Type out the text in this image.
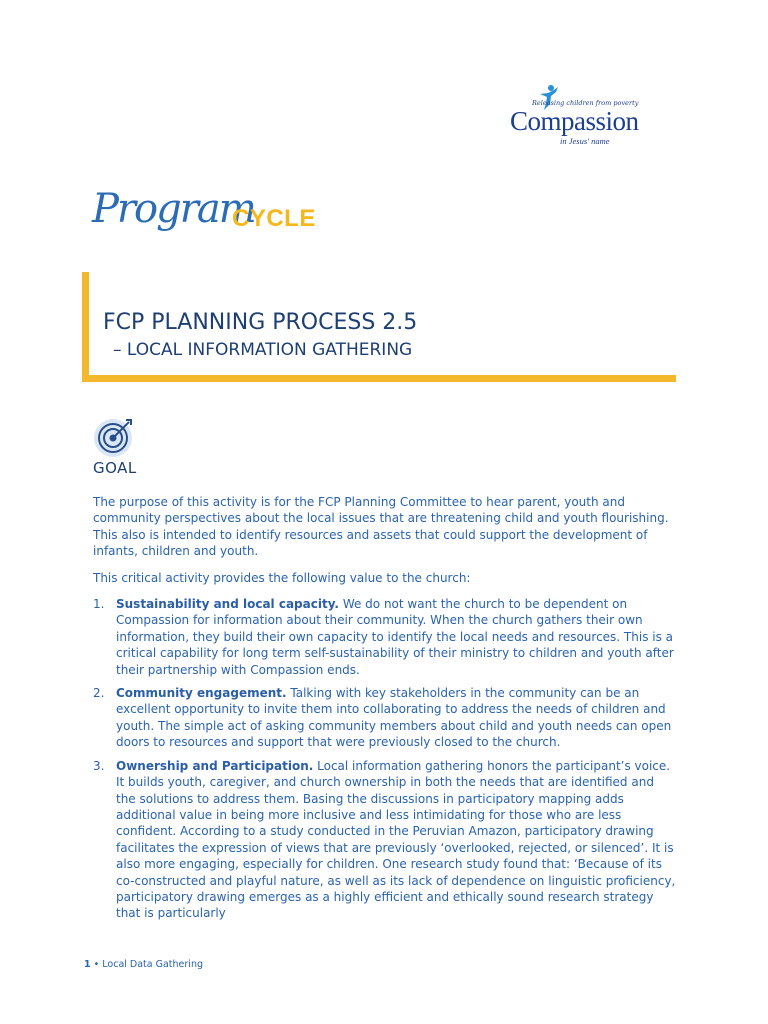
Releasing children from poverty
Compassion
in Jesus' name
Program
CYCLE
FCP PLANNING PROCESS 2.5
– LOCAL INFORMATION GATHERING
GOAL

The purpose of this activity is for the FCP Planning Committee to hear parent, youth and community perspectives about the local issues that are threatening child and youth flourishing. This also is intended to identify resources and assets that could support the development of infants, children and youth.

This critical activity provides the following value to the church:

1. Sustainability and local capacity. We do not want the church to be dependent on Compassion for information about their community. When the church gathers their own information, they build their own capacity to identify the local needs and resources. This is a critical capability for long term self-sustainability of their ministry to children and youth after their partnership with Compassion ends.
2. Community engagement. Talking with key stakeholders in the community can be an excellent opportunity to invite them into collaborating to address the needs of children and youth. The simple act of asking community members about child and youth needs can open doors to resources and support that were previously closed to the church.
3. Ownership and Participation. Local information gathering honors the participant’s voice. It builds youth, caregiver, and church ownership in both the needs that are identified and the solutions to address them. Basing the discussions in participatory mapping adds additional value in being more inclusive and less intimidating for those who are less confident. According to a study conducted in the Peruvian Amazon, participatory drawing facilitates the expression of views that are previously ‘overlooked, rejected, or silenced’. It is also more engaging, especially for children. One research study found that: ‘Because of its co-constructed and playful nature, as well as its lack of dependence on linguistic proficiency, participatory drawing emerges as a highly efficient and ethically sound research strategy that is particularly
1 • Local Data Gathering
